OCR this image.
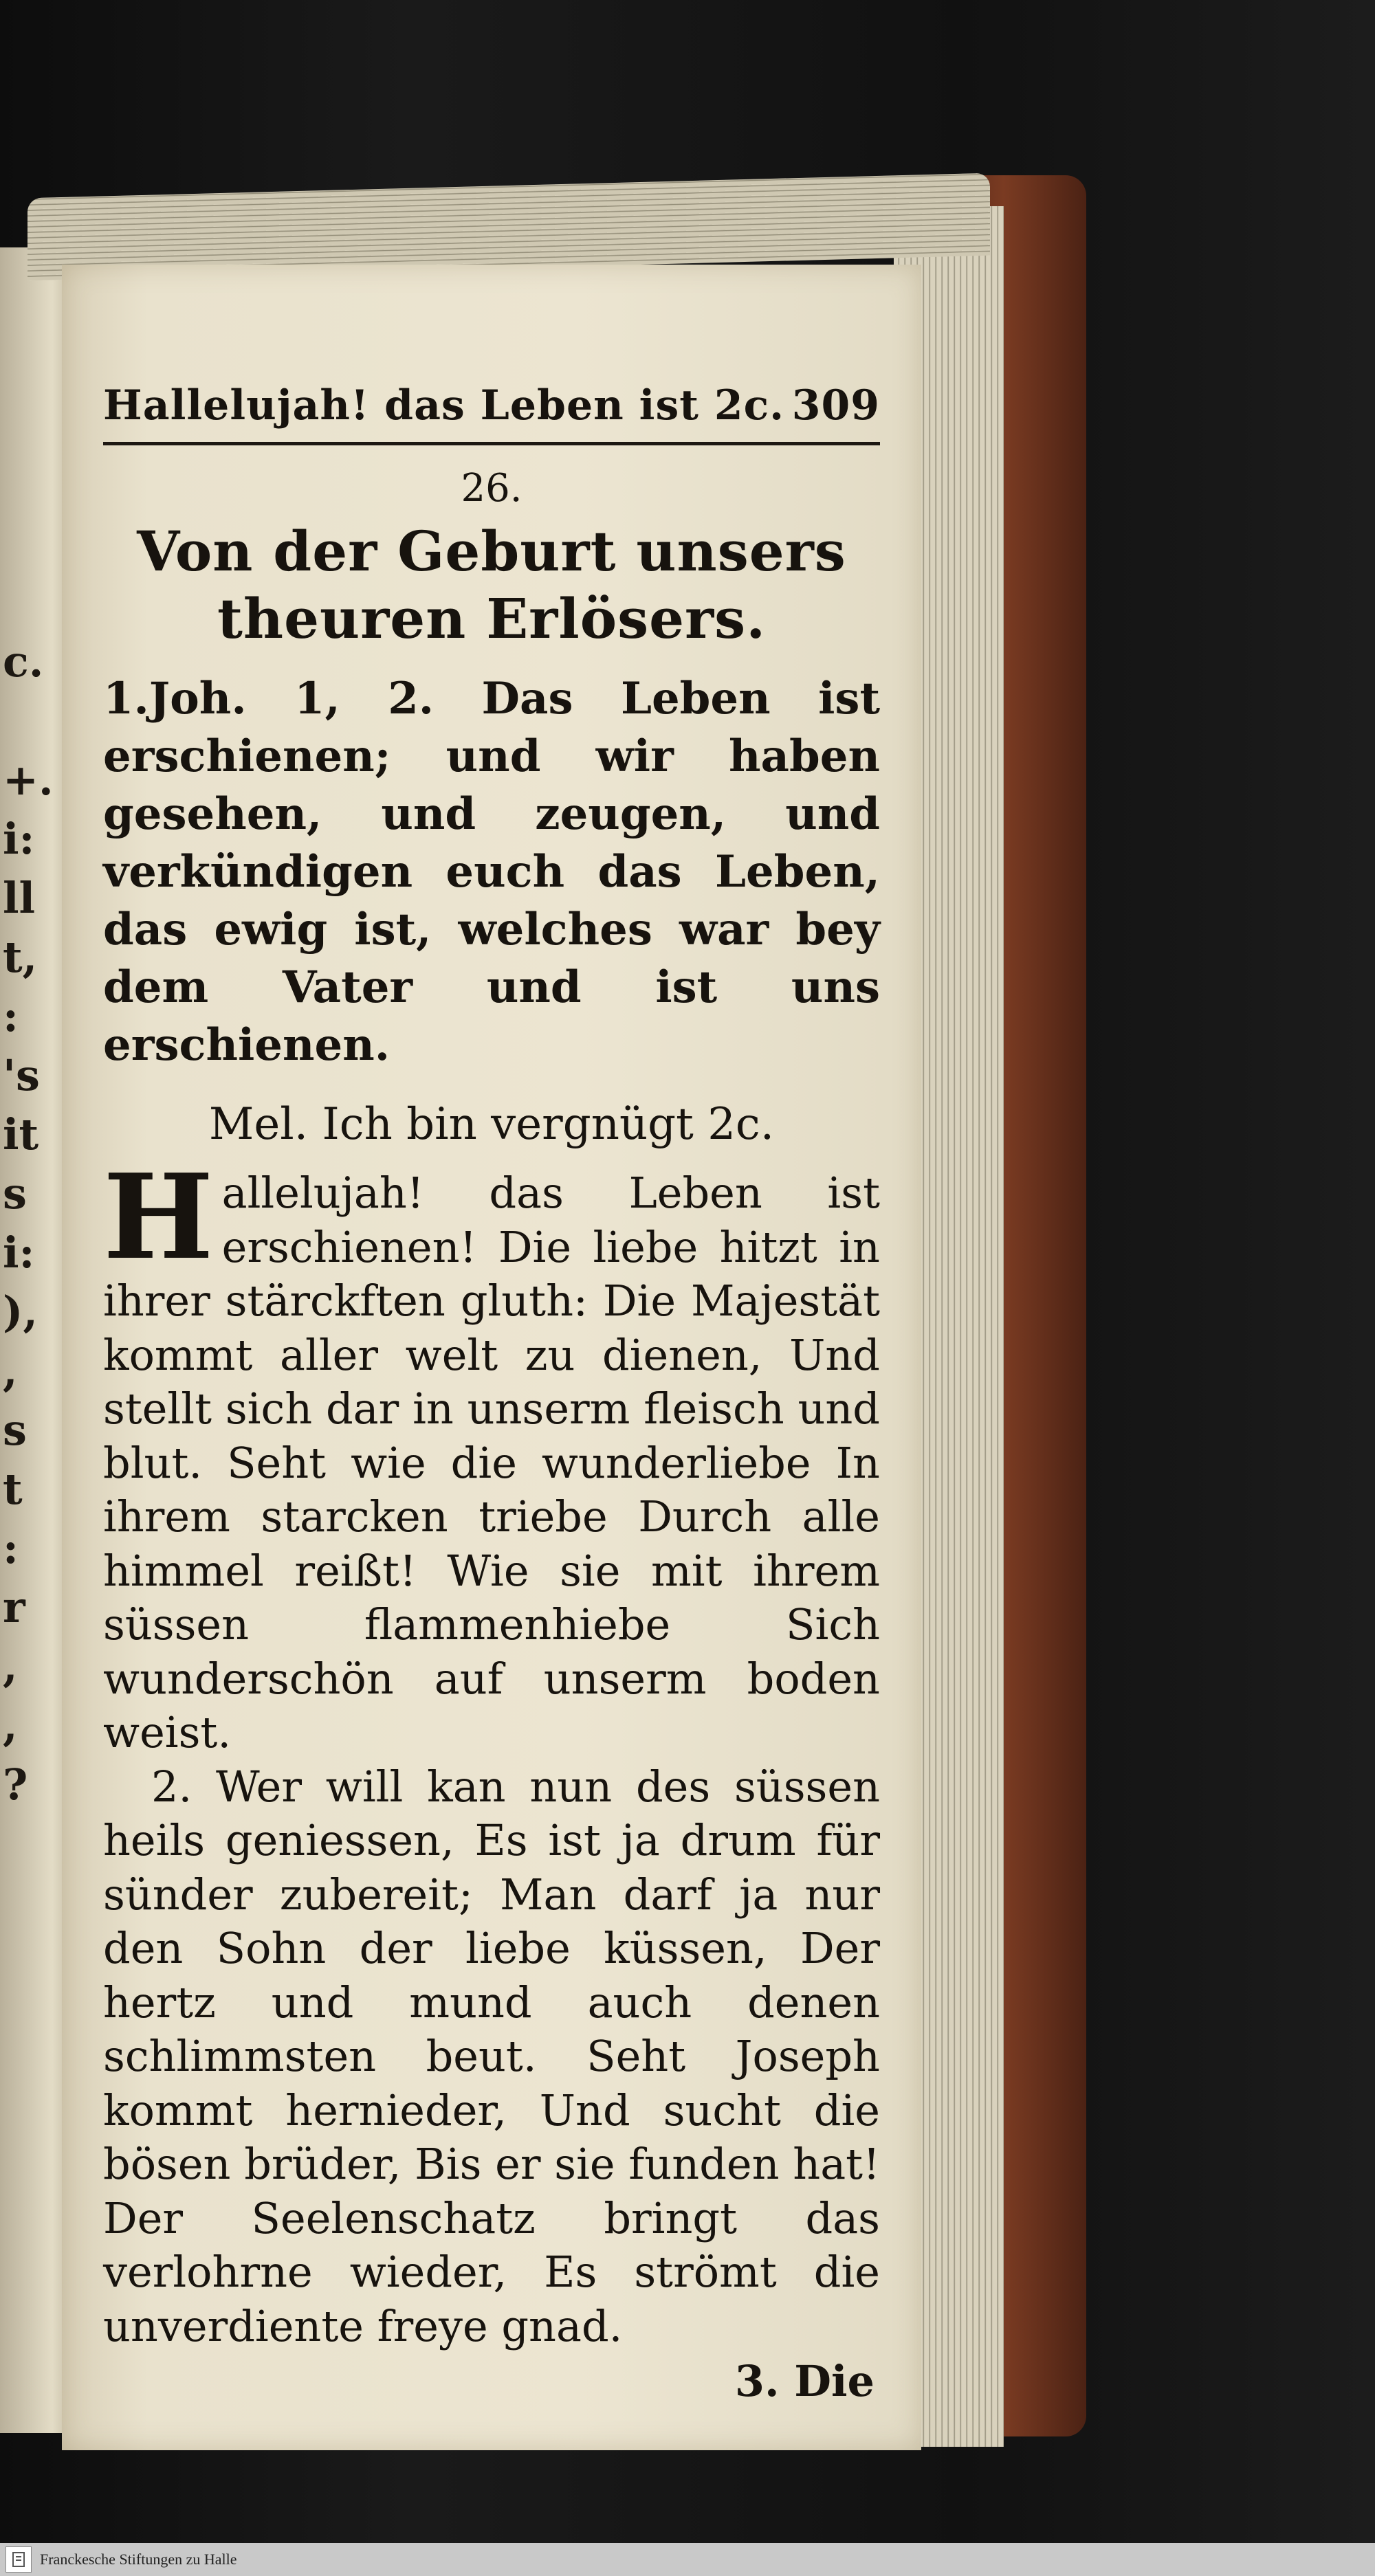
c.

+.
i:
ll
t,
:
's
it
s
i:
),
,
s
t
:
r
,
,
?
Hallelujah! das Leben ist 2c. 309
26.
Von der Geburt unsers theuren Erlösers.
1.Joh. 1, 2. Das Leben ist erschienen; und wir haben gesehen, und zeugen, und verkündigen euch das Leben, das ewig ist, welches war bey dem Vater und ist uns erschienen.
Mel. Ich bin vergnügt 2c.
Hallelujah! das Leben ist erschienen! Die liebe hitzt in ihrer stärckften gluth: Die Majestät kommt aller welt zu dienen, Und stellt sich dar in unserm fleisch und blut. Seht wie die wunderliebe In ihrem starcken triebe Durch alle himmel reißt! Wie sie mit ihrem süssen flammenhiebe Sich wunderschön auf unserm boden weist.
2. Wer will kan nun des süssen heils geniessen, Es ist ja drum für sünder zubereit; Man darf ja nur den Sohn der liebe küssen, Der hertz und mund auch denen schlimmsten beut. Seht Joseph kommt hernieder, Und sucht die bösen brüder, Bis er sie funden hat! Der Seelenschatz bringt das verlohrne wieder, Es strömt die unverdiente freye gnad.
3. Die
Franckesche Stiftungen zu Halle
